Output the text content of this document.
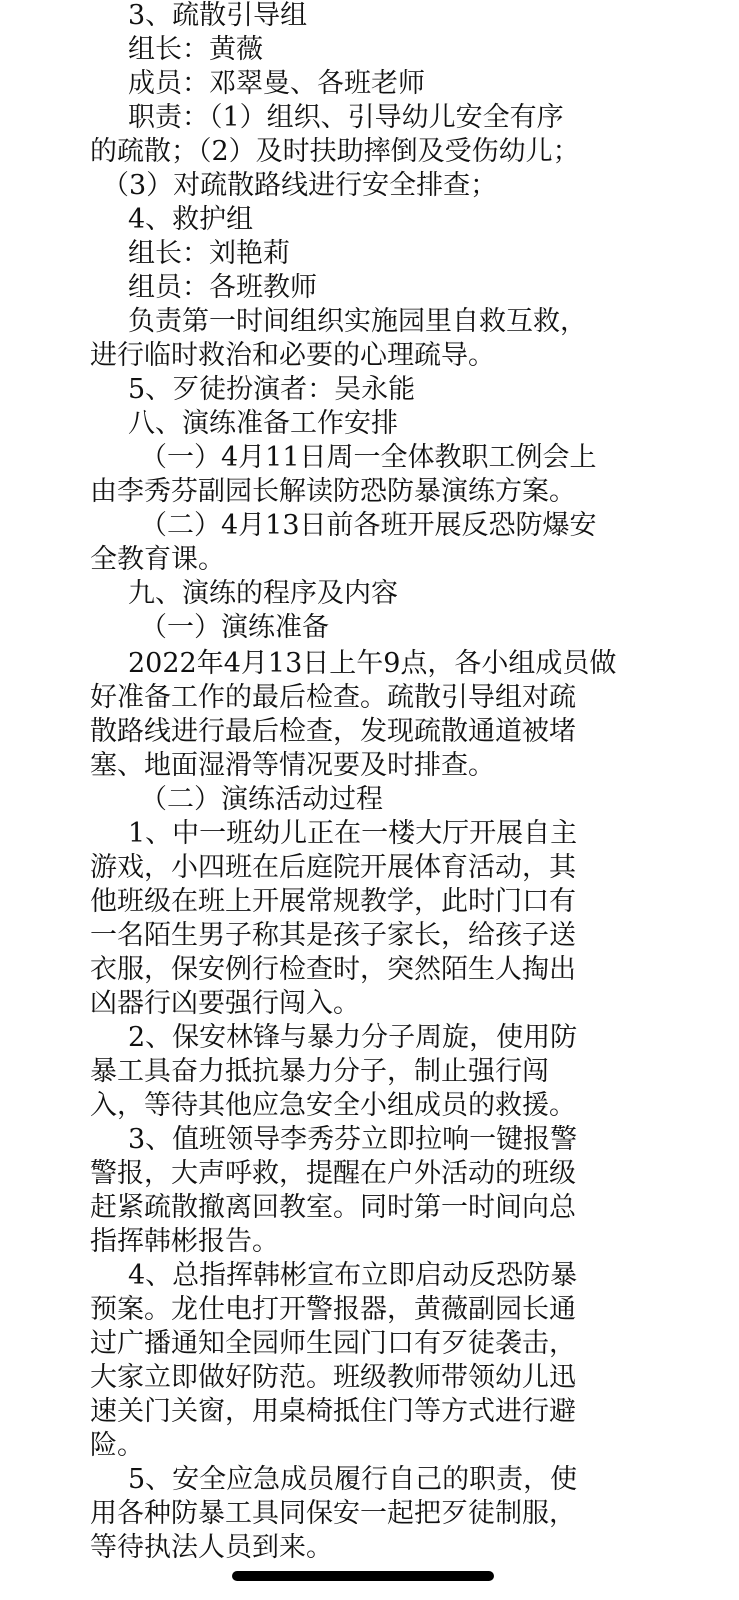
3、疏散引导组
组长：黄薇
成员：邓翠曼、各班老师
职责：（1）组织、引导幼儿安全有序
的疏散；（2）及时扶助摔倒及受伤幼儿；
（3）对疏散路线进行安全排查；
4、救护组
组长：刘艳莉
组员：各班教师
负责第一时间组织实施园里自救互救，
进行临时救治和必要的心理疏导。
5、歹徒扮演者：吴永能
八、演练准备工作安排
（一）4月11日周一全体教职工例会上
由李秀芬副园长解读防恐防暴演练方案。
（二）4月13日前各班开展反恐防爆安
全教育课。
九、演练的程序及内容
（一）演练准备
2022年4月13日上午9点，各小组成员做
好准备工作的最后检查。疏散引导组对疏
散路线进行最后检查，发现疏散通道被堵
塞、地面湿滑等情况要及时排查。
（二）演练活动过程
1、中一班幼儿正在一楼大厅开展自主
游戏，小四班在后庭院开展体育活动，其
他班级在班上开展常规教学，此时门口有
一名陌生男子称其是孩子家长，给孩子送
衣服，保安例行检查时，突然陌生人掏出
凶器行凶要强行闯入。
2、保安林锋与暴力分子周旋，使用防
暴工具奋力抵抗暴力分子，制止强行闯
入，等待其他应急安全小组成员的救援。
3、值班领导李秀芬立即拉响一键报警
警报，大声呼救，提醒在户外活动的班级
赶紧疏散撤离回教室。同时第一时间向总
指挥韩彬报告。
4、总指挥韩彬宣布立即启动反恐防暴
预案。龙仕电打开警报器，黄薇副园长通
过广播通知全园师生园门口有歹徒袭击，
大家立即做好防范。班级教师带领幼儿迅
速关门关窗，用桌椅抵住门等方式进行避
险。
5、安全应急成员履行自己的职责，使
用各种防暴工具同保安一起把歹徒制服，
等待执法人员到来。
